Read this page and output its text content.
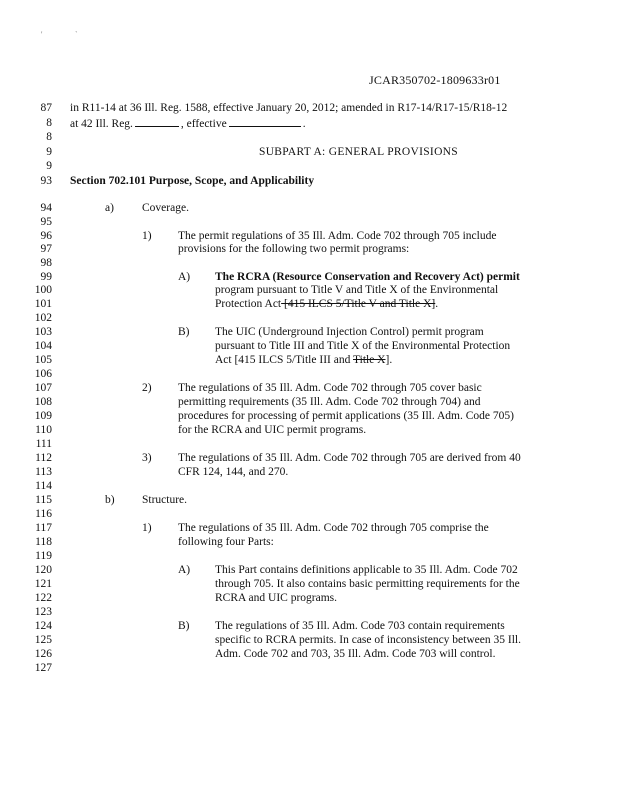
'	`
JCAR350702-1809633r01
87
8
8
9
9
93
94
95
96
97
98
99
100
101
102
103
104
105
106
107
108
109
110
111
112
113
114
115
116
117
118
119
120
121
122
123
124
125
126
127
in R11-14 at 36 Ill. Reg. 1588, effective January 20, 2012; amended in R17-14/R17-15/R18-12
at 42 Ill. Reg.	, effective	.
SUBPART A: GENERAL PROVISIONS
Section 702.101 Purpose, Scope, and Applicability
a) Coverage.
1) The permit regulations of 35 Ill. Adm. Code 702 through 705 include
provisions for the following two permit programs:
A) The RCRA (Resource Conservation and Recovery Act) permit
program pursuant to Title V and Title X of the Environmental
Protection Act [415 ILCS 5/Title V and Title X].
B) The UIC (Underground Injection Control) permit program
pursuant to Title III and Title X of the Environmental Protection
Act [415 ILCS 5/Title III and Title X].
2) The regulations of 35 Ill. Adm. Code 702 through 705 cover basic
permitting requirements (35 Ill. Adm. Code 702 through 704) and
procedures for processing of permit applications (35 Ill. Adm. Code 705)
for the RCRA and UIC permit programs.
3) The regulations of 35 Ill. Adm. Code 702 through 705 are derived from 40
CFR 124, 144, and 270.
b) Structure.
1) The regulations of 35 Ill. Adm. Code 702 through 705 comprise the
following four Parts:
A) This Part contains definitions applicable to 35 Ill. Adm. Code 702
through 705. It also contains basic permitting requirements for the
RCRA and UIC programs.
B) The regulations of 35 Ill. Adm. Code 703 contain requirements
specific to RCRA permits. In case of inconsistency between 35 Ill.
Adm. Code 702 and 703, 35 Ill. Adm. Code 703 will control.
